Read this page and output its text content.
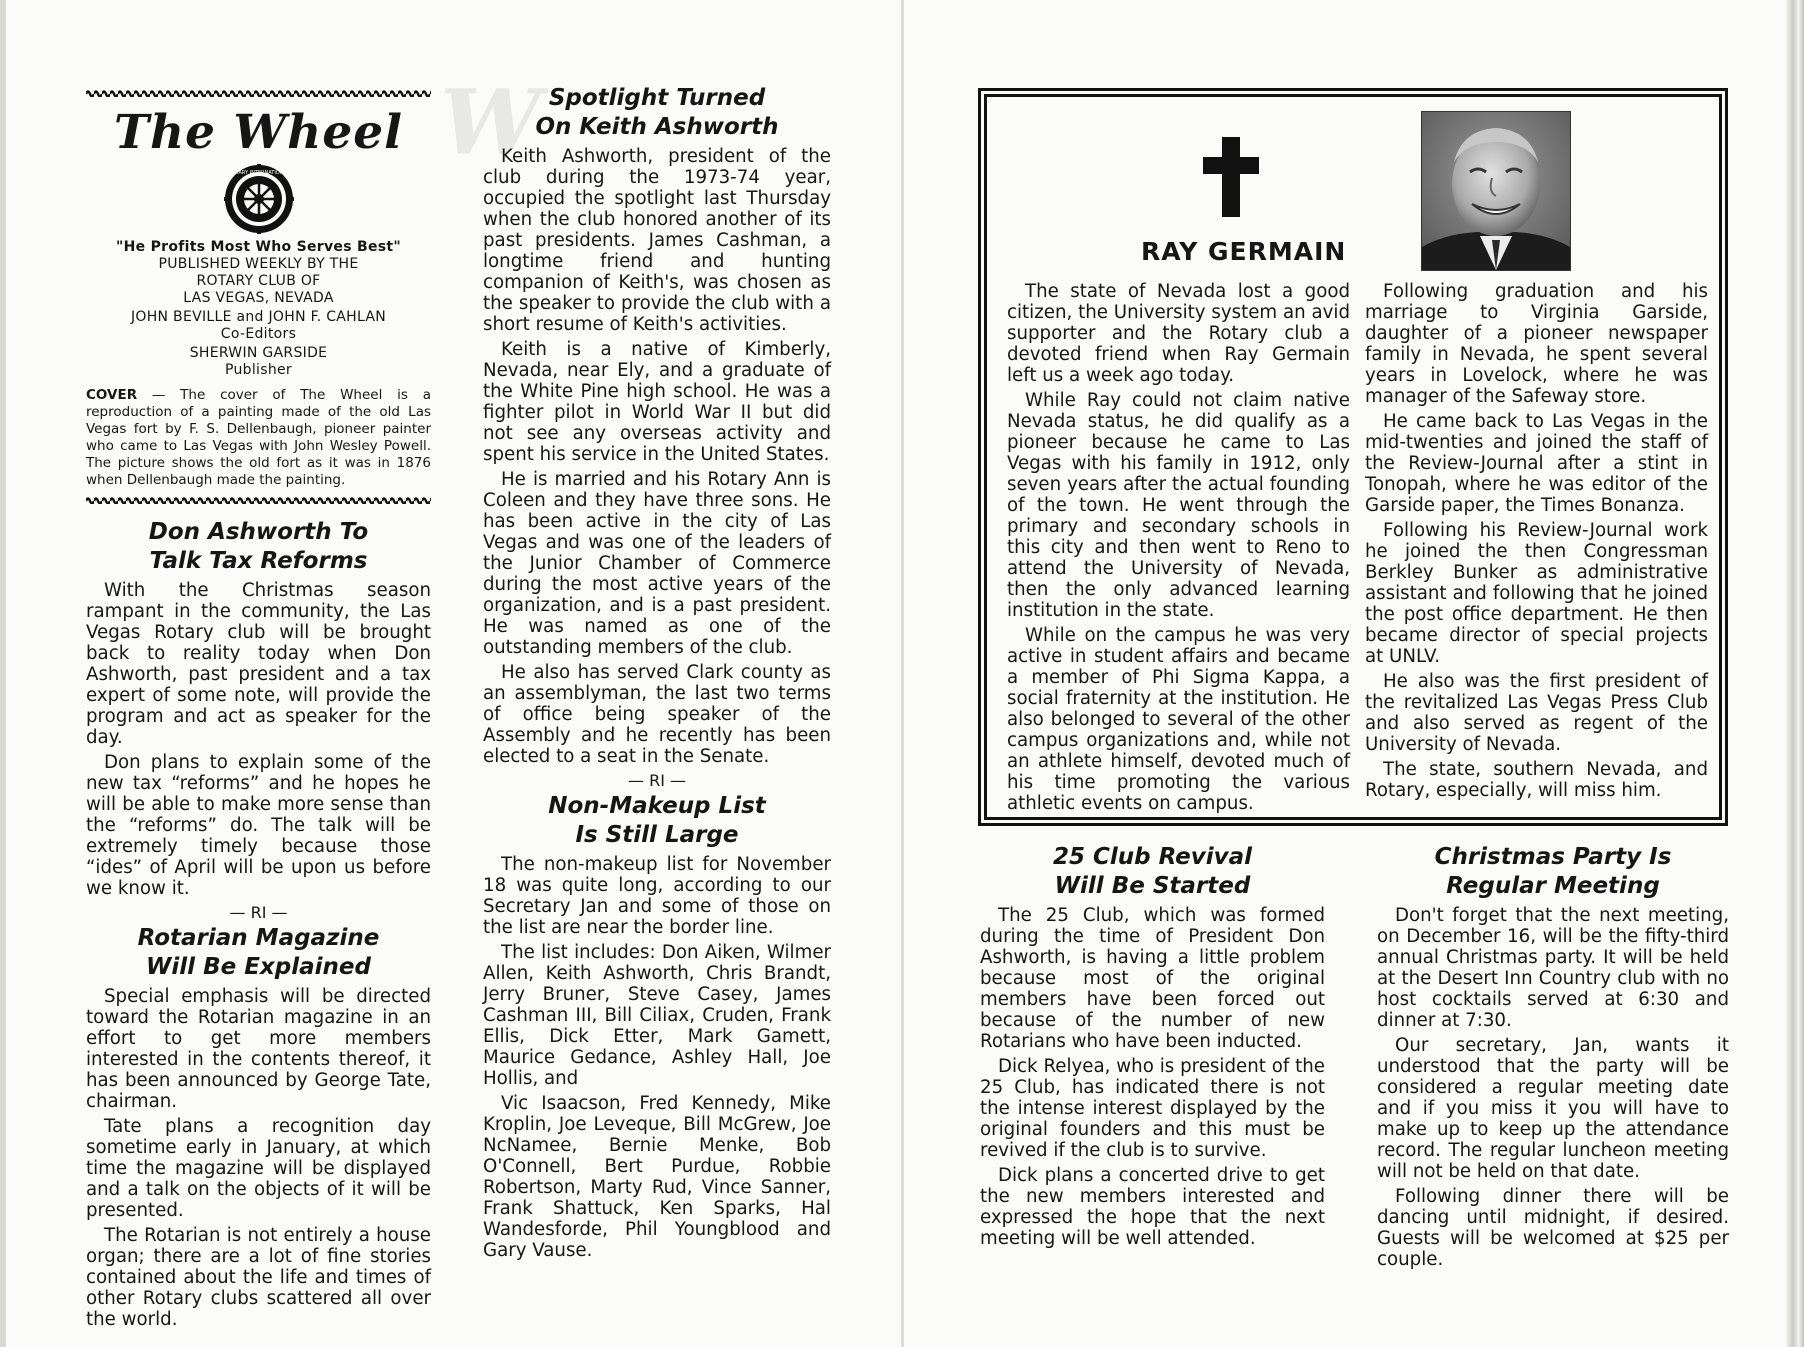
W
The Wheel
ROTARY INTERNATIONAL
"He Profits Most Who Serves Best"
PUBLISHED WEEKLY BY THE
ROTARY CLUB OF
LAS VEGAS, NEVADA
JOHN BEVILLE and JOHN F. CAHLAN
Co-Editors
SHERWIN GARSIDE
Publisher
COVER — The cover of The Wheel is a reproduction of a painting made of the old Las Vegas fort by F. S. Dellenbaugh, pioneer painter who came to Las Vegas with John Wesley Powell. The picture shows the old fort as it was in 1876 when Dellenbaugh made the painting.
Don Ashworth To
Talk Tax Reforms

With the Christmas season rampant in the community, the Las Vegas Rotary club will be brought back to reality today when Don Ashworth, past president and a tax expert of some note, will provide the program and act as speaker for the day.

Don plans to explain some of the new tax “reforms” and he hopes he will be able to make more sense than the “reforms” do. The talk will be extremely timely because those “ides” of April will be upon us before we know it.

— RI —
Rotarian Magazine
Will Be Explained

Special emphasis will be directed toward the Rotarian magazine in an effort to get more members interested in the contents thereof, it has been announced by George Tate, chairman.

Tate plans a recognition day sometime early in January, at which time the magazine will be displayed and a talk on the objects of it will be presented.

The Rotarian is not entirely a house organ; there are a lot of fine stories contained about the life and times of other Rotary clubs scattered all over the world.

Spotlight Turned
On Keith Ashworth

Keith Ashworth, president of the club during the 1973-74 year, occupied the spotlight last Thursday when the club honored another of its past presidents. James Cashman, a longtime friend and hunting companion of Keith's, was chosen as the speaker to provide the club with a short resume of Keith's activities.

Keith is a native of Kimberly, Nevada, near Ely, and a graduate of the White Pine high school. He was a fighter pilot in World War II but did not see any overseas activity and spent his service in the United States.

He is married and his Rotary Ann is Coleen and they have three sons. He has been active in the city of Las Vegas and was one of the leaders of the Junior Chamber of Commerce during the most active years of the organization, and is a past president. He was named as one of the outstanding members of the club.

He also has served Clark county as an assemblyman, the last two terms of office being speaker of the Assembly and he recently has been elected to a seat in the Senate.

— RI —
Non-Makeup List
Is Still Large

The non-makeup list for November 18 was quite long, according to our Secretary Jan and some of those on the list are near the border line.

The list includes: Don Aiken, Wilmer Allen, Keith Ashworth, Chris Brandt, Jerry Bruner, Steve Casey, James Cashman III, Bill Ciliax, Cruden, Frank Ellis, Dick Etter, Mark Gamett, Maurice Gedance, Ashley Hall, Joe Hollis, and

Vic Isaacson, Fred Kennedy, Mike Kroplin, Joe Leveque, Bill McGrew, Joe NcNamee, Bernie Menke, Bob O'Connell, Bert Purdue, Robbie Robertson, Marty Rud, Vince Sanner, Frank Shattuck, Ken Sparks, Hal Wandesforde, Phil Youngblood and Gary Vause.

RAY GERMAIN

The state of Nevada lost a good citizen, the University system an avid supporter and the Rotary club a devoted friend when Ray Germain left us a week ago today.

While Ray could not claim native Nevada status, he did qualify as a pioneer because he came to Las Vegas with his family in 1912, only seven years after the actual founding of the town. He went through the primary and secondary schools in this city and then went to Reno to attend the University of Nevada, then the only advanced learning institution in the state.

While on the campus he was very active in student affairs and became a member of Phi Sigma Kappa, a social fraternity at the institution. He also belonged to several of the other campus organizations and, while not an athlete himself, devoted much of his time promoting the various athletic events on campus.

Following graduation and his marriage to Virginia Garside, daughter of a pioneer newspaper family in Nevada, he spent several years in Lovelock, where he was manager of the Safeway store.

He came back to Las Vegas in the mid-twenties and joined the staff of the Review-Journal after a stint in Tonopah, where he was editor of the Garside paper, the Times Bonanza.

Following his Review-Journal work he joined the then Congressman Berkley Bunker as administrative assistant and following that he joined the post office department. He then became director of special projects at UNLV.

He also was the first president of the revitalized Las Vegas Press Club and also served as regent of the University of Nevada.

The state, southern Nevada, and Rotary, especially, will miss him.

25 Club Revival
Will Be Started

The 25 Club, which was formed during the time of President Don Ashworth, is having a little problem because most of the original members have been forced out because of the number of new Rotarians who have been inducted.

Dick Relyea, who is president of the 25 Club, has indicated there is not the intense interest displayed by the original founders and this must be revived if the club is to survive.

Dick plans a concerted drive to get the new members interested and expressed the hope that the next meeting will be well attended.

Christmas Party Is
Regular Meeting

Don't forget that the next meeting, on December 16, will be the fifty-third annual Christmas party. It will be held at the Desert Inn Country club with no host cocktails served at 6:30 and dinner at 7:30.

Our secretary, Jan, wants it understood that the party will be considered a regular meeting date and if you miss it you will have to make up to keep up the attendance record. The regular luncheon meeting will not be held on that date.

Following dinner there will be dancing until midnight, if desired. Guests will be welcomed at $25 per couple.
